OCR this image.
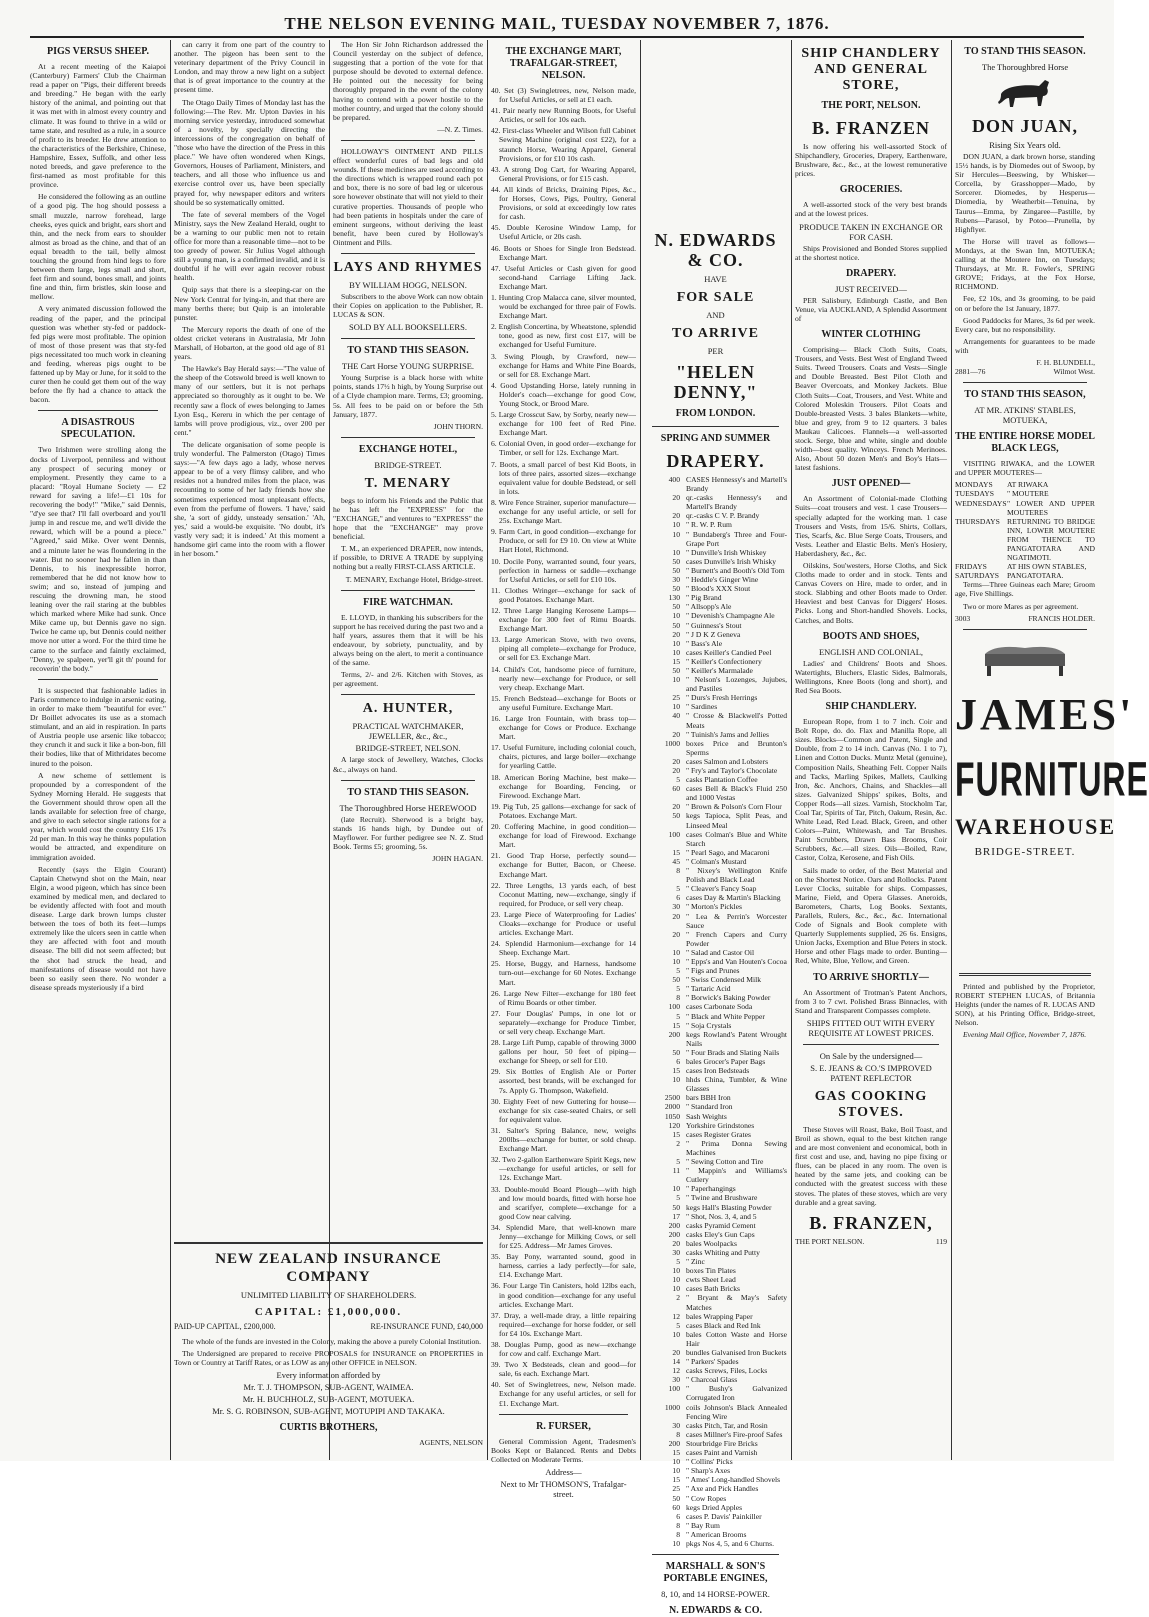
THE NELSON EVENING MAIL, TUESDAY NOVEMBER 7, 1876.
PIGS VERSUS SHEEP.

At a recent meeting of the Kaiapoi (Canterbury) Farmers' Club the Chairman read a paper on "Pigs, their different breeds and breeding." He began with the early history of the animal, and pointing out that it was met with in almost every country and climate. It was found to thrive in a wild or tame state, and resulted as a rule, in a source of profit to its breeder. He drew attention to the characteristics of the Berkshire, Chinese, Hampshire, Essex, Suffolk, and other less noted breeds, and gave preference to the first-named as most profitable for this province.

He considered the following as an outline of a good pig. The hog should possess a small muzzle, narrow forehead, large cheeks, eyes quick and bright, ears short and thin, and the neck from ears to shoulder almost as broad as the chine, and that of an equal breadth to the tail, belly almost touching the ground from hind legs to fore between them large, legs small and short, feet firm and sound, bones small, and joints fine and thin, firm bristles, skin loose and mellow.

A very animated discussion followed the reading of the paper, and the principal question was whether sty-fed or paddock-fed pigs were most profitable. The opinion of most of those present was that sty-fed pigs necessitated too much work in cleaning and feeding, whereas pigs ought to be fattened up by May or June, for it sold to the curer then he could get them out of the way before the fly had a chance to attack the bacon.

A DISASTROUS SPECULATION.

Two Irishmen were strolling along the docks of Liverpool, penniless and without any prospect of securing money or employment. Presently they came to a placard: "Royal Humane Society — £2 reward for saving a life!—£1 10s for recovering the body!" "Mike," said Dennis, "d'ye see that? I'll fall overboard and you'll jump in and rescue me, and we'll divide the reward, which will be a pound a piece." "Agreed," said Mike. Over went Dennis, and a minute later he was floundering in the water. But no sooner had he fallen in than Dennis, to his inexpressible horror, remembered that he did not know how to swim; and so, instead of jumping and rescuing the drowning man, he stood leaning over the rail staring at the bubbles which marked where Mike had sunk. Once Mike came up, but Dennis gave no sign. Twice he came up, but Dennis could neither move nor utter a word. For the third time he came to the surface and faintly exclaimed, "Denny, ye spalpeen, yer'll git th' pound for recoverin' the body."

It is suspected that fashionable ladies in Paris commence to indulge in arsenic eating, in order to make them "beautiful for ever." Dr Boillet advocates its use as a stomach stimulant, and an aid in respiration. In parts of Austria people use arsenic like tobacco; they crunch it and suck it like a bon-bon, fill their bodies, like that of Mithridates become inured to the poison.

A new scheme of settlement is propounded by a correspondent of the Sydney Morning Herald. He suggests that the Government should throw open all the lands available for selection free of charge, and give to each selector single rations for a year, which would cost the country £16 17s 2d per man. In this way he thinks population would be attracted, and expenditure on immigration avoided.

Recently (says the Elgin Courant) Captain Chetwynd shot on the Main, near Elgin, a wood pigeon, which has since been examined by medical men, and declared to be evidently affected with foot and mouth disease. Large dark brown lumps cluster between the toes of both its feet—lumps extremely like the ulcers seen in cattle when they are affected with foot and mouth disease. The bill did not seem affected; but the shot had struck the head, and manifestations of disease would not have been so easily seen there. No wonder a disease spreads mysteriously if a bird

can carry it from one part of the country to another. The pigeon has been sent to the veterinary department of the Privy Council in London, and may throw a new light on a subject that is of great importance to the country at the present time.

The Otago Daily Times of Monday last has the following:—The Rev. Mr. Upton Davies in his morning service yesterday, introduced somewhat of a novelty, by specially directing the intercessions of the congregation on behalf of "those who have the direction of the Press in this place." We have often wondered when Kings, Governors, Houses of Parliament, Ministers, and teachers, and all those who influence us and exercise control over us, have been specially prayed for, why newspaper editors and writers should be so systematically omitted.

The fate of several members of the Vogel Ministry, says the New Zealand Herald, ought to be a warning to our public men not to retain office for more than a reasonable time—not to be too greedy of power. Sir Julius Vogel although still a young man, is a confirmed invalid, and it is doubtful if he will ever again recover robust health.

Quip says that there is a sleeping-car on the New York Central for lying-in, and that there are many berths there; but Quip is an intolerable punster.

The Mercury reports the death of one of the oldest cricket veterans in Australasia, Mr John Marshall, of Hobarton, at the good old age of 81 years.

The Hawke's Bay Herald says:—"The value of the sheep of the Cotswold breed is well known to many of our settlers, but it is not perhaps appreciated so thoroughly as it ought to be. We recently saw a flock of ewes belonging to James Lyon Esq., Kereru in which the per centage of lambs will prove prodigious, viz., over 200 per cent."

The delicate organisation of some people is truly wonderful. The Palmerston (Otago) Times says:—"A few days ago a lady, whose nerves appear to be of a very flimsy calibre, and who resides not a hundred miles from the place, was recounting to some of her lady friends how she sometimes experienced most unpleasant effects, even from the perfume of flowers. 'I have,' said she, 'a sort of giddy, unsteady sensation.' 'Ah, yes,' said a would-be exquisite. 'No doubt, it's vastly very sad; it is indeed.' At this moment a handsome girl came into the room with a flower in her bosom."

The Hon Sir John Richardson addressed the Council yesterday on the subject of defence, suggesting that a portion of the vote for that purpose should be devoted to external defence. He pointed out the necessity for being thoroughly prepared in the event of the colony having to contend with a power hostile to the mother country, and urged that the colony should be prepared.

—N. Z. Times.

HOLLOWAY'S OINTMENT AND PILLS effect wonderful cures of bad legs and old wounds. If these medicines are used according to the directions which is wrapped round each pot and box, there is no sore of bad leg or ulcerous sore however obstinate that will not yield to their curative properties. Thousands of people who had been patients in hospitals under the care of eminent surgeons, without deriving the least benefit, have been cured by Holloway's Ointment and Pills.

LAYS AND RHYMES
BY WILLIAM HOGG, NELSON.

Subscribers to the above Work can now obtain their Copies on application to the Publisher, R. LUCAS & SON.

SOLD BY ALL BOOKSELLERS.
TO STAND THIS SEASON.
THE Cart Horse YOUNG SURPRISE.

Young Surprise is a black horse with white points, stands 17½ h high, by Young Surprise out of a Clyde champion mare. Terms, £3; grooming, 5s. All fees to be paid on or before the 5th January, 1877.

JOHN THORN.
EXCHANGE HOTEL,
BRIDGE-STREET.
T. MENARY

begs to inform his Friends and the Public that he has left the "EXPRESS" for the "EXCHANGE," and ventures to "EXPRESS" the hope that the "EXCHANGE" may prove beneficial.

T. M., an experienced DRAPER, now intends, if possible, to DRIVE A TRADE by supplying nothing but a really FIRST-CLASS ARTICLE.

T. MENARY, Exchange Hotel, Bridge-street.
FIRE WATCHMAN.

E. LLOYD, in thanking his subscribers for the support he has received during the past two and a half years, assures them that it will be his endeavour, by sobriety, punctuality, and by always being on the alert, to merit a continuance of the same.

Terms, 2/- and 2/6. Kitchen with Stoves, as per agreement.

A. HUNTER,
PRACTICAL WATCHMAKER, JEWELLER, &c., &c.,
BRIDGE-STREET, NELSON.

A large stock of Jewellery, Watches, Clocks &c., always on hand.

TO STAND THIS SEASON.
The Thoroughbred Horse HEREWOOD

(late Recruit). Sherwood is a bright bay, stands 16 hands high, by Dundee out of Mayflower. For further pedigree see N. Z. Stud Book. Terms £5; grooming, 5s.

JOHN HAGAN.
NEW ZEALAND INSURANCE COMPANY
UNLIMITED LIABILITY OF SHAREHOLDERS.
CAPITAL: £1,000,000.
PAID-UP CAPITAL, £200,000.	RE-INSURANCE FUND, £40,000

The whole of the funds are invested in the Colony, making the above a purely Colonial Institution.

The Undersigned are prepared to receive PROPOSALS for INSURANCE on PROPERTIES in Town or Country at Tariff Rates, or as LOW as any other OFFICE in NELSON.

Every information afforded by
Mr. T. J. THOMPSON, SUB-AGENT, WAIMEA.
Mr. H. BUCHHOLZ, SUB-AGENT, MOTUEKA.
Mr. S. G. ROBINSON, SUB-AGENT, MOTUPIPI AND TAKAKA.
CURTIS BROTHERS,
AGENTS, NELSON
THE EXCHANGE MART, TRAFALGAR-STREET, NELSON.
40. Set (3) Swingletrees, new, Nelson made, for Useful Articles, or sell at £1 each.
41. Pair nearly new Running Boots, for Useful Articles, or sell for 10s each.
42. First-class Wheeler and Wilson full Cabinet Sewing Machine (original cost £22), for a staunch Horse, Wearing Apparel, General Provisions, or for £10 10s cash.
43. A strong Dog Cart, for Wearing Apparel, General Provisions, or for £15 cash.
44. All kinds of Bricks, Draining Pipes, &c., for Horses, Cows, Pigs, Poultry, General Provisions, or sold at exceedingly low rates for cash.
45. Double Kerosine Window Lamp, for Useful Article, or 20s cash.
46. Boots or Shoes for Single Iron Bedstead. Exchange Mart.
47. Useful Articles or Cash given for good second-hand Carriage Lifting Jack. Exchange Mart.
1. Hunting Crop Malacca cane, silver mounted, would be exchanged for three pair of Fowls. Exchange Mart.
2. English Concertina, by Wheatstone, splendid tone, good as new, first cost £17, will be exchanged for Useful Furniture.
3. Swing Plough, by Crawford, new—exchange for Hams and White Pine Boards, or sell for £8. Exchange Mart.
4. Good Upstanding Horse, lately running in Holder's coach—exchange for good Cow, Young Stock, or Brood Mare.
5. Large Crosscut Saw, by Sorby, nearly new—exchange for 100 feet of Red Pine. Exchange Mart.
6. Colonial Oven, in good order—exchange for Timber, or sell for 12s. Exchange Mart.
7. Boots, a small parcel of best Kid Boots, in lots of three pairs, assorted sizes—exchange equivalent value for double Bedstead, or sell in lots.
8. Wire Fence Strainer, superior manufacture—exchange for any useful article, or sell for 25s. Exchange Mart.
9. Farm Cart, in good condition—exchange for Produce, or sell for £9 10. On view at White Hart Hotel, Richmond.
10. Docile Pony, warranted sound, four years, perfection in harness or saddle—exchange for Useful Articles, or sell for £10 10s.
11. Clothes Wringer—exchange for sack of good Potatoes. Exchange Mart.
12. Three Large Hanging Kerosene Lamps—exchange for 300 feet of Rimu Boards. Exchange Mart.
13. Large American Stove, with two ovens, piping all complete—exchange for Produce, or sell for £3. Exchange Mart.
14. Child's Cot, handsome piece of furniture, nearly new—exchange for Produce, or sell very cheap. Exchange Mart.
15. French Bedstead—exchange for Boots or any useful Furniture. Exchange Mart.
16. Large Iron Fountain, with brass top—exchange for Cows or Produce. Exchange Mart.
17. Useful Furniture, including colonial couch, chairs, pictures, and large boiler—exchange for yearling Cattle.
18. American Boring Machine, best make—exchange for Boarding, Fencing, or Firewood. Exchange Mart.
19. Pig Tub, 25 gallons—exchange for sack of Potatoes. Exchange Mart.
20. Coffering Machine, in good condition—exchange for load of Firewood. Exchange Mart.
21. Good Trap Horse, perfectly sound—exchange for Butter, Bacon, or Cheese. Exchange Mart.
22. Three Lengths, 13 yards each, of best Coconut Matting, new—exchange, singly if required, for Produce, or sell very cheap.
23. Large Piece of Waterproofing for Ladies' Cloaks—exchange for Produce or useful articles. Exchange Mart.
24. Splendid Harmonium—exchange for 14 Sheep. Exchange Mart.
25. Horse, Buggy, and Harness, handsome turn-out—exchange for 60 Notes. Exchange Mart.
26. Large New Filter—exchange for 180 feet of Rimu Boards or other timber.
27. Four Douglas' Pumps, in one lot or separately—exchange for Produce Timber, or sell very cheap. Exchange Mart.
28. Large Lift Pump, capable of throwing 3000 gallons per hour, 50 feet of piping—exchange for Sheep, or sell for £10.
29. Six Bottles of English Ale or Porter assorted, best brands, will be exchanged for 7s. Apply G. Thompson, Wakefield.
30. Eighty Feet of new Guttering for house—exchange for six case-seated Chairs, or sell for equivalent value.
31. Salter's Spring Balance, new, weighs 200lbs—exchange for butter, or sold cheap. Exchange Mart.
32. Two 2-gallon Earthenware Spirit Kegs, new—exchange for useful articles, or sell for 12s. Exchange Mart.
33. Double-mould Board Plough—with high and low mould boards, fitted with horse hoe and scarifyer, complete—exchange for a good Cow near calving.
34. Splendid Mare, that well-known mare Jenny—exchange for Milking Cows, or sell for £25. Address—Mr James Groves.
35. Bay Pony, warranted sound, good in harness, carries a lady perfectly—for sale, £14. Exchange Mart.
36. Four Large Tin Canisters, hold 12lbs each, in good condition—exchange for any useful articles. Exchange Mart.
37. Dray, a well-made dray, a little repairing required—exchange for horse fodder, or sell for £4 10s. Exchange Mart.
38. Douglas Pump, good as new—exchange for cow and calf. Exchange Mart.
39. Two X Bedsteads, clean and good—for sale, 6s each. Exchange Mart.
40. Set of Swingletrees, new, Nelson made. Exchange for any useful articles, or sell for £1. Exchange Mart.
R. FURSER,

General Commission Agent, Tradesmen's Books Kept or Balanced. Rents and Debts Collected on Moderate Terms.

Address—
Next to Mr THOMSON'S, Trafalgar-street.
N. EDWARDS & CO.
HAVE
FOR SALE
AND
TO ARRIVE
PER
"HELEN DENNY,"
FROM LONDON.
SPRING AND SUMMER
DRAPERY.
400 CASES Hennessy's and Martell's Brandy
20 qr.-casks Hennessy's and Martell's Brandy
20 qr.-casks C V. P. Brandy
10 " R. W. P. Rum
10 " Bundaberg's Three and Four-Grape Port
10 " Dunville's Irish Whiskey
50 cases Dunville's Irish Whisky
50 " Burnett's and Booth's Old Tom
30 " Heddle's Ginger Wine
50 " Blood's XXX Stout
130 " Pig Brand
50 " Allsopp's Ale
10 " Devenish's Champagne Ale
50 " Guinness's Stout
20 " J D K Z Geneva
10 " Bass's Ale
10 cases Keiller's Candied Peel
15 " Keiller's Confectionery
50 " Keiller's Marmalade
10 " Nelson's Lozenges, Jujubes, and Pastiles
25 " Durs's Fresh Herrings
10 " Sardines
40 " Crosse & Blackwell's Potted Meats
20 " Tuinish's Jams and Jellies
1000 boxes Price and Brunton's Sperms
20 cases Salmon and Lobsters
20 " Fry's and Taylor's Chocolate
5 casks Plantation Coffee
60 cases Bell & Black's Fluid 250 and 1000 Vestas
20 " Brown & Polson's Corn Flour
50 kegs Tapioca, Split Peas, and Linseed Meal
100 cases Colman's Blue and White Starch
15 " Pearl Sago, and Macaroni
45 " Colman's Mustard
8 " Nixey's Wellington Knife Polish and Black Lead
5 " Cleaver's Fancy Soap
6 cases Day & Martin's Blacking
30 " Morton's Pickles
20 " Lea & Perrin's Worcester Sauce
20 " French Capers and Curry Powder
10 " Salad and Castor Oil
10 " Epps's and Van Houten's Cocoa
5 " Figs and Prunes
50 " Swiss Condensed Milk
5 " Tartaric Acid
8 " Borwick's Baking Powder
100 cases Carbonate Soda
5 " Black and White Pepper
15 " Soja Crystals
200 kegs Rowland's Patent Wrought Nails
50 " Four Brads and Slating Nails
6 bales Grocer's Paper Bags
15 cases Iron Bedsteads
10 hhds China, Tumbler, & Wine Glasses
2500 bars BBH Iron
2000 " Standard Iron
1050 Sash Weights
120 Yorkshire Grindstones
15 cases Register Grates
2 " Prima Donna Sewing Machines
5 " Sewing Cotton and Tire
11 " Mappin's and Williams's Cutlery
10 " Paperhangings
5 " Twine and Brushware
50 kegs Hall's Blasting Powder
17 " Shot, Nos. 3, 4, and 5
200 casks Pyramid Cement
200 casks Eley's Gun Caps
20 bales Woolpacks
30 casks Whiting and Putty
5 " Zinc
10 boxes Tin Plates
10 cwts Sheet Lead
10 cases Bath Bricks
2 " Bryant & May's Safety Matches
12 bales Wrapping Paper
5 cases Black and Red Ink
10 bales Cotton Waste and Horse Hair
20 bundles Galvanised Iron Buckets
14 " Parkers' Spades
12 casks Screws, Files, Locks
30 " Charcoal Glass
100 " Bushy's Galvanized Corrugated Iron
1000 coils Johnson's Black Annealed Fencing Wire
30 casks Pitch, Tar, and Rosin
8 cases Millner's Fire-proof Safes
200 Stourbridge Fire Bricks
15 cases Paint and Varnish
10 " Collins' Picks
10 " Sharp's Axes
15 " Ames' Long-handled Shovels
25 " Axe and Pick Handles
50 " Cow Ropes
60 kegs Dried Apples
6 cases P. Davis' Painkiller
8 " Bay Rum
8 " American Brooms
10 pkgs Nos 4, 5, and 6 Churns.
MARSHALL & SON'S PORTABLE ENGINES,
8, 10, and 14 HORSE-POWER.
N. EDWARDS & CO.
SHIP CHANDLERY AND GENERAL STORE,
THE PORT, NELSON.
B. FRANZEN

Is now offering his well-assorted Stock of Shipchandlery, Groceries, Drapery, Earthenware, Brushware, &c., &c., at the lowest remunerative prices.

GROCERIES.

A well-assorted stock of the very best brands and at the lowest prices.

PRODUCE TAKEN IN EXCHANGE OR FOR CASH.

Ships Provisioned and Bonded Stores supplied at the shortest notice.

DRAPERY.
JUST RECEIVED—

PER Salisbury, Edinburgh Castle, and Ben Venue, via AUCKLAND, A Splendid Assortment of

WINTER CLOTHING

Comprising— Black Cloth Suits, Coats, Trousers, and Vests. Best West of England Tweed Suits. Tweed Trousers. Coats and Vests—Single and Double Breasted. Best Pilot Cloth and Beaver Overcoats, and Monkey Jackets. Blue Cloth Suits—Coat, Trousers, and Vest. White and Colored Moleskin Trousers. Pilot Coats and Double-breasted Vests. 3 bales Blankets—white, blue and grey, from 9 to 12 quarters. 3 bales Maukau Calicoes. Flannels—a well-assorted stock. Serge, blue and white, single and double width—best quality. Winceys. French Merinoes. Also, About 50 dozen Men's and Boy's Hats—latest fashions.

JUST OPENED—

An Assortment of Colonial-made Clothing Suits—coat trousers and vest. 1 case Trousers—specially adapted for the working man. 1 case Trousers and Vests, from 15/6. Shirts, Collars, Ties, Scarfs, &c. Blue Serge Coats, Trousers, and Vests. Leather and Elastic Belts. Men's Hosiery, Haberdashery, &c., &c.

Oilskins, Sou'westers, Horse Cloths, and Sick Cloths made to order and in stock. Tents and Canvas Covers on Hire, made to order, and in stock. Slabbing and other Boots made to Order. Heaviest and best Canvas for Diggers' Hoses. Picks. Long and Short-handled Shovels. Locks, Catches, and Bolts.

BOOTS AND SHOES,
ENGLISH AND COLONIAL,

Ladies' and Childrens' Boots and Shoes. Watertights, Bluchers, Elastic Sides, Balmorals, Wellingtons, Knee Boots (long and short), and Red Sea Boots.

SHIP CHANDLERY.

European Rope, from 1 to 7 inch. Coir and Bolt Rope, do. do. Flax and Manilla Rope, all sizes. Blocks—Common and Patent, Single and Double, from 2 to 14 inch. Canvas (No. 1 to 7), Linen and Cotton Ducks. Muntz Metal (genuine), Composition Nails, Sheathing Felt. Copper Nails and Tacks, Marling Spikes, Mallets, Caulking Iron, &c. Anchors, Chains, and Shackles—all sizes. Galvanized Shipps' spikes, Bolts, and Copper Rods—all sizes. Varnish, Stockholm Tar, Coal Tar, Spirits of Tar, Pitch, Oakum, Resin, &c. White Lead, Red Lead. Black, Green, and other Colors—Paint, Whitewash, and Tar Brushes. Paint Scrubbers, Drawn Bass Brooms, Coir Scrubbers, &c.—all sizes. Oils—Boiled, Raw, Castor, Colza, Kerosene, and Fish Oils.

Sails made to order, of the Best Material and on the Shortest Notice. Oars and Rollocks. Patent Lever Clocks, suitable for ships. Compasses, Marine, Field, and Opera Glasses. Aneroids, Barometers, Charts, Log Books. Sextants, Parallels, Rulers, &c., &c., &c. International Code of Signals and Book complete with Quarterly Supplements supplied, 26 6s. Ensigns, Union Jacks, Exemption and Blue Peters in stock. Horse and other Flags made to order. Bunting—Red, White, Blue, Yellow, and Green.

TO ARRIVE SHORTLY—

An Assortment of Trotman's Patent Anchors, from 3 to 7 cwt. Polished Brass Binnacles, with Stand and Transparent Compasses complete.

SHIPS FITTED OUT WITH EVERY REQUISITE AT LOWEST PRICES.
On Sale by the undersigned—
S. E. JEANS & CO.'S IMPROVED PATENT REFLECTOR
GAS COOKING STOVES.

These Stoves will Roast, Bake, Boil Toast, and Broil as shown, equal to the best kitchen range and are most convenient and economical, both in first cost and use, and, having no pipe fixing or flues, can be placed in any room. The oven is heated by the same jets, and cooking can be conducted with the greatest success with these stoves. The plates of these stoves, which are very durable and a great saving.

B. FRANZEN,
THE PORT NELSON.	119
TO STAND THIS SEASON.
The Thoroughbred Horse
DON JUAN,
Rising Six Years old.

DON JUAN, a dark brown horse, standing 15½ hands, is by Diomedes out of Swoop, by Sir Hercules—Beeswing, by Whisker—Corcella, by Grasshopper—Mado, by Sorcerer. Diomedes, by Hesperus—Diomedia, by Weatherbit—Tenuina, by Taurus—Emma, by Zingaree—Pastille, by Rubens—Parasol, by Potoo—Prunella, by Highflyer.

The Horse will travel as follows—Mondays, at the Swan Inn, MOTUEKA; calling at the Moutere Inn, on Tuesdays; Thursdays, at Mr. R. Fowler's, SPRING GROVE; Fridays, at the Fox Horse, RICHMOND.

Fee, £2 10s, and 3s grooming, to be paid on or before the 1st January, 1877.

Good Paddocks for Mares, 3s 6d per week. Every care, but no responsibility.

Arrangements for guarantees to be made with

F. H. BLUNDELL,
2881—76	Wilmot West.
TO STAND THIS SEASON,
AT MR. ATKINS' STABLES, MOTUEKA,
THE ENTIRE HORSE MODEL BLACK LEGS,

VISITING RIWAKA, and the LOWER and UPPER MOUTERES—

MONDAYS	AT RIWAKA
TUESDAYS	" MOUTERE
WEDNESDAYS " LOWER AND UPPER MOUTERES
THURSDAYS RETURNING TO BRIDGE INN, LOWER MOUTERE FROM THENCE TO PANGATOTARA AND NGATIMOTI.
FRIDAYS	AT HIS OWN STABLES,
SATURDAYS	PANGATOTARA.

Terms—Three Guineas each Mare; Groom age, Five Shillings.

Two or more Mares as per agreement.

3003	FRANCIS HOLDER.
JAMES'
FURNITURE
WAREHOUSE
BRIDGE-STREET.

Printed and published by the Proprietor, ROBERT STEPHEN LUCAS, of Britannia Heights (under the names of R. LUCAS AND SON), at his Printing Office, Bridge-street, Nelson.

Evening Mail Office, November 7, 1876.
